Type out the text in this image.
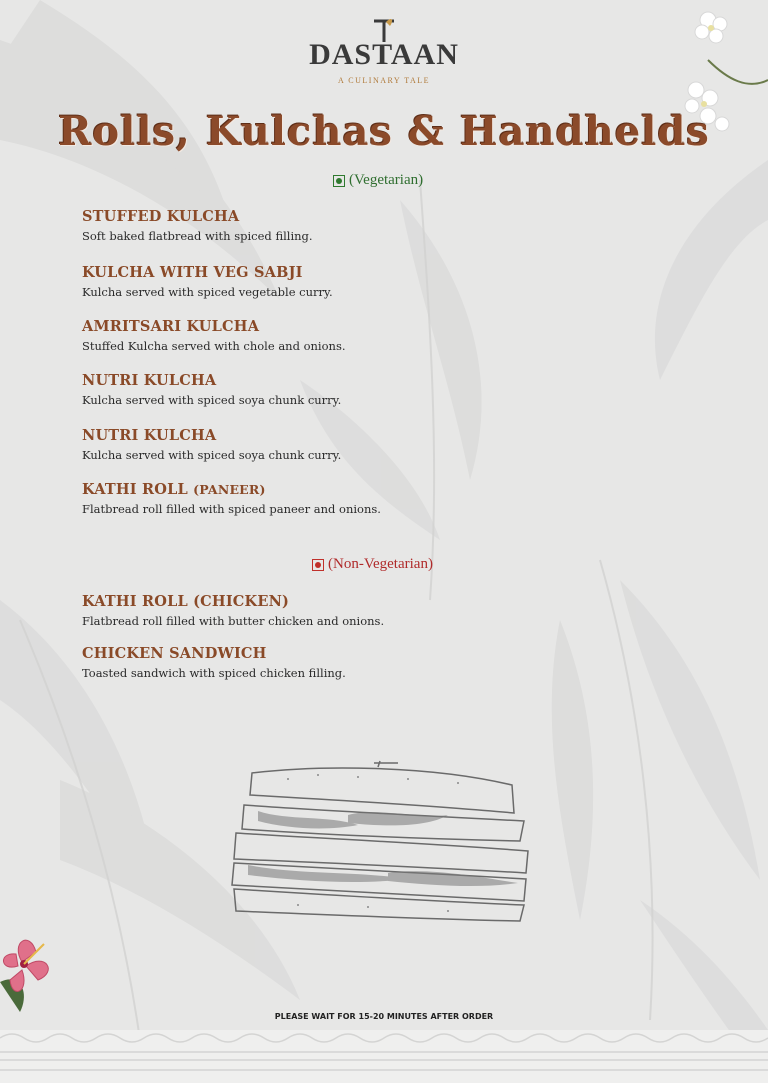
DASTAAN
A CULINARY TALE
Rolls, Kulchas & Handhelds
(Vegetarian)
STUFFED KULCHA
Soft baked flatbread with spiced filling.
KULCHA WITH VEG SABJI
Kulcha served with spiced vegetable curry.
AMRITSARI KULCHA
Stuffed Kulcha served with chole and onions.
NUTRI KULCHA
Kulcha served with spiced soya chunk curry.
NUTRI KULCHA
Kulcha served with spiced soya chunk curry.
KATHI ROLL (PANEER)
Flatbread roll filled with spiced paneer and onions.
(Non-Vegetarian)
KATHI ROLL (CHICKEN)
Flatbread roll filled with butter chicken and onions.
CHICKEN SANDWICH
Toasted sandwich with spiced chicken filling.
PLEASE WAIT FOR 15-20 MINUTES AFTER ORDER
